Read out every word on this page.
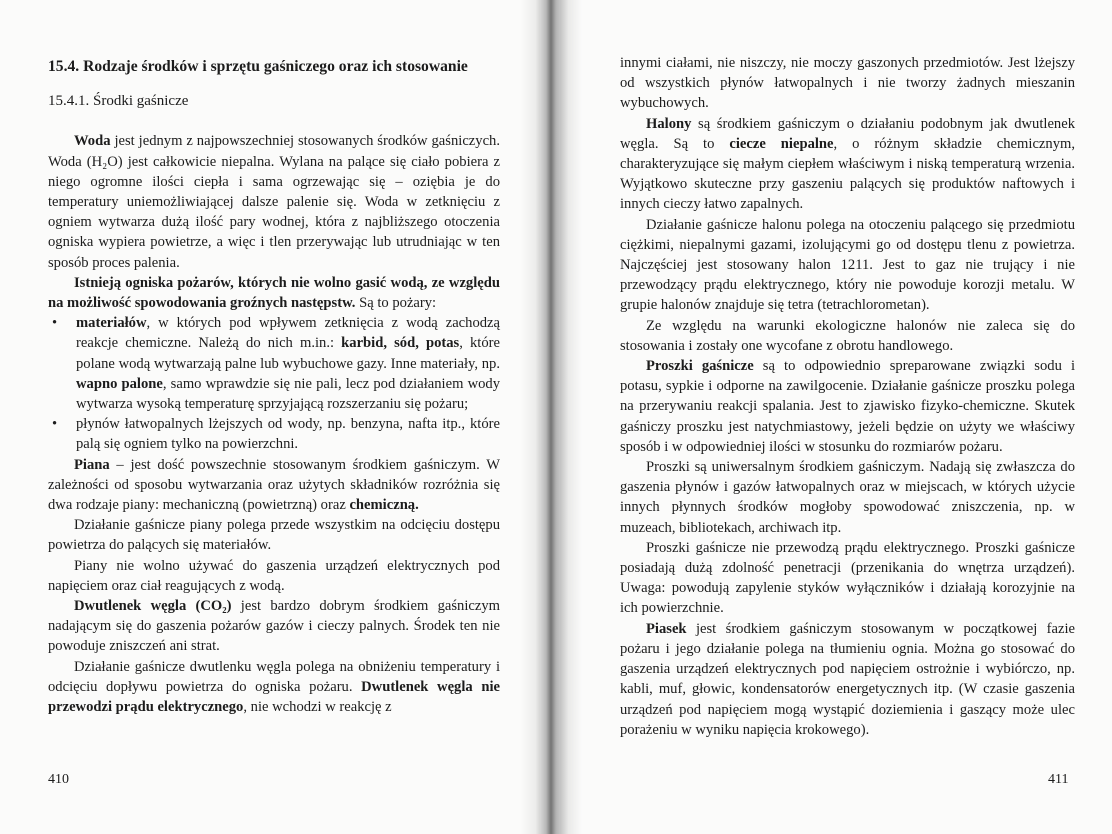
15.4. Rodzaje środków i sprzętu gaśniczego oraz ich stosowanie
15.4.1. Środki gaśnicze

Woda jest jednym z najpowszechniej stosowanych środków gaśniczych. Woda (H₂O) jest całkowicie niepalna. Wylana na palące się ciało pobiera z niego ogromne ilości ciepła i sama ogrzewając się – oziębia je do temperatury uniemożliwiającej dalsze palenie się. Woda w zetknięciu z ogniem wytwarza dużą ilość pary wodnej, która z najbliższego otoczenia ogniska wypiera powietrze, a więc i tlen przerywając lub utrudniając w ten sposób proces palenia.

Istnieją ogniska pożarów, których nie wolno gasić wodą, ze względu na możliwość spowodowania groźnych następstw. Są to pożary:

• materiałów, w których pod wpływem zetknięcia z wodą zachodzą reakcje chemiczne. Należą do nich m.in.: karbid, sód, potas, które polane wodą wytwarzają palne lub wybuchowe gazy. Inne materiały, np. wapno palone, samo wprawdzie się nie pali, lecz pod działaniem wody wytwarza wysoką temperaturę sprzyjającą rozszerzaniu się pożaru;
• płynów łatwopalnych lżejszych od wody, np. benzyna, nafta itp., które palą się ogniem tylko na powierzchni.

Piana – jest dość powszechnie stosowanym środkiem gaśniczym. W zależności od sposobu wytwarzania oraz użytych składników rozróżnia się dwa rodzaje piany: mechaniczną (powietrzną) oraz chemiczną.

Działanie gaśnicze piany polega przede wszystkim na odcięciu dostępu powietrza do palących się materiałów.

Piany nie wolno używać do gaszenia urządzeń elektrycznych pod napięciem oraz ciał reagujących z wodą.

Dwutlenek węgla (CO₂) jest bardzo dobrym środkiem gaśniczym nadającym się do gaszenia pożarów gazów i cieczy palnych. Środek ten nie powoduje zniszczeń ani strat.

Działanie gaśnicze dwutlenku węgla polega na obniżeniu temperatury i odcięciu dopływu powietrza do ogniska pożaru. Dwutlenek węgla nie przewodzi prądu elektrycznego, nie wchodzi w reakcję z

410

innymi ciałami, nie niszczy, nie moczy gaszonych przedmiotów. Jest lżejszy od wszystkich płynów łatwopalnych i nie tworzy żadnych mieszanin wybuchowych.

Halony są środkiem gaśniczym o działaniu podobnym jak dwutlenek węgla. Są to ciecze niepalne, o różnym składzie chemicznym, charakteryzujące się małym ciepłem właściwym i niską temperaturą wrzenia. Wyjątkowo skuteczne przy gaszeniu palących się produktów naftowych i innych cieczy łatwo zapalnych.

Działanie gaśnicze halonu polega na otoczeniu palącego się przedmiotu ciężkimi, niepalnymi gazami, izolującymi go od dostępu tlenu z powietrza. Najczęściej jest stosowany halon 1211. Jest to gaz nie trujący i nie przewodzący prądu elektrycznego, który nie powoduje korozji metalu. W grupie halonów znajduje się tetra (tetrachlorometan).

Ze względu na warunki ekologiczne halonów nie zaleca się do stosowania i zostały one wycofane z obrotu handlowego.

Proszki gaśnicze są to odpowiednio spreparowane związki sodu i potasu, sypkie i odporne na zawilgocenie. Działanie gaśnicze proszku polega na przerywaniu reakcji spalania. Jest to zjawisko fizyko-chemiczne. Skutek gaśniczy proszku jest natychmiastowy, jeżeli będzie on użyty we właściwy sposób i w odpowiedniej ilości w stosunku do rozmiarów pożaru.

Proszki są uniwersalnym środkiem gaśniczym. Nadają się zwłaszcza do gaszenia płynów i gazów łatwopalnych oraz w miejscach, w których użycie innych płynnych środków mogłoby spowodować zniszczenia, np. w muzeach, bibliotekach, archiwach itp.

Proszki gaśnicze nie przewodzą prądu elektrycznego. Proszki gaśnicze posiadają dużą zdolność penetracji (przenikania do wnętrza urządzeń). Uwaga: powodują zapylenie styków wyłączników i działają korozyjnie na ich powierzchnie.

Piasek jest środkiem gaśniczym stosowanym w początkowej fazie pożaru i jego działanie polega na tłumieniu ognia. Można go stosować do gaszenia urządzeń elektrycznych pod napięciem ostrożnie i wybiórczo, np. kabli, muf, głowic, kondensatorów energetycznych itp. (W czasie gaszenia urządzeń pod napięciem mogą wystąpić doziemienia i gaszący może ulec porażeniu w wyniku napięcia krokowego).

411
